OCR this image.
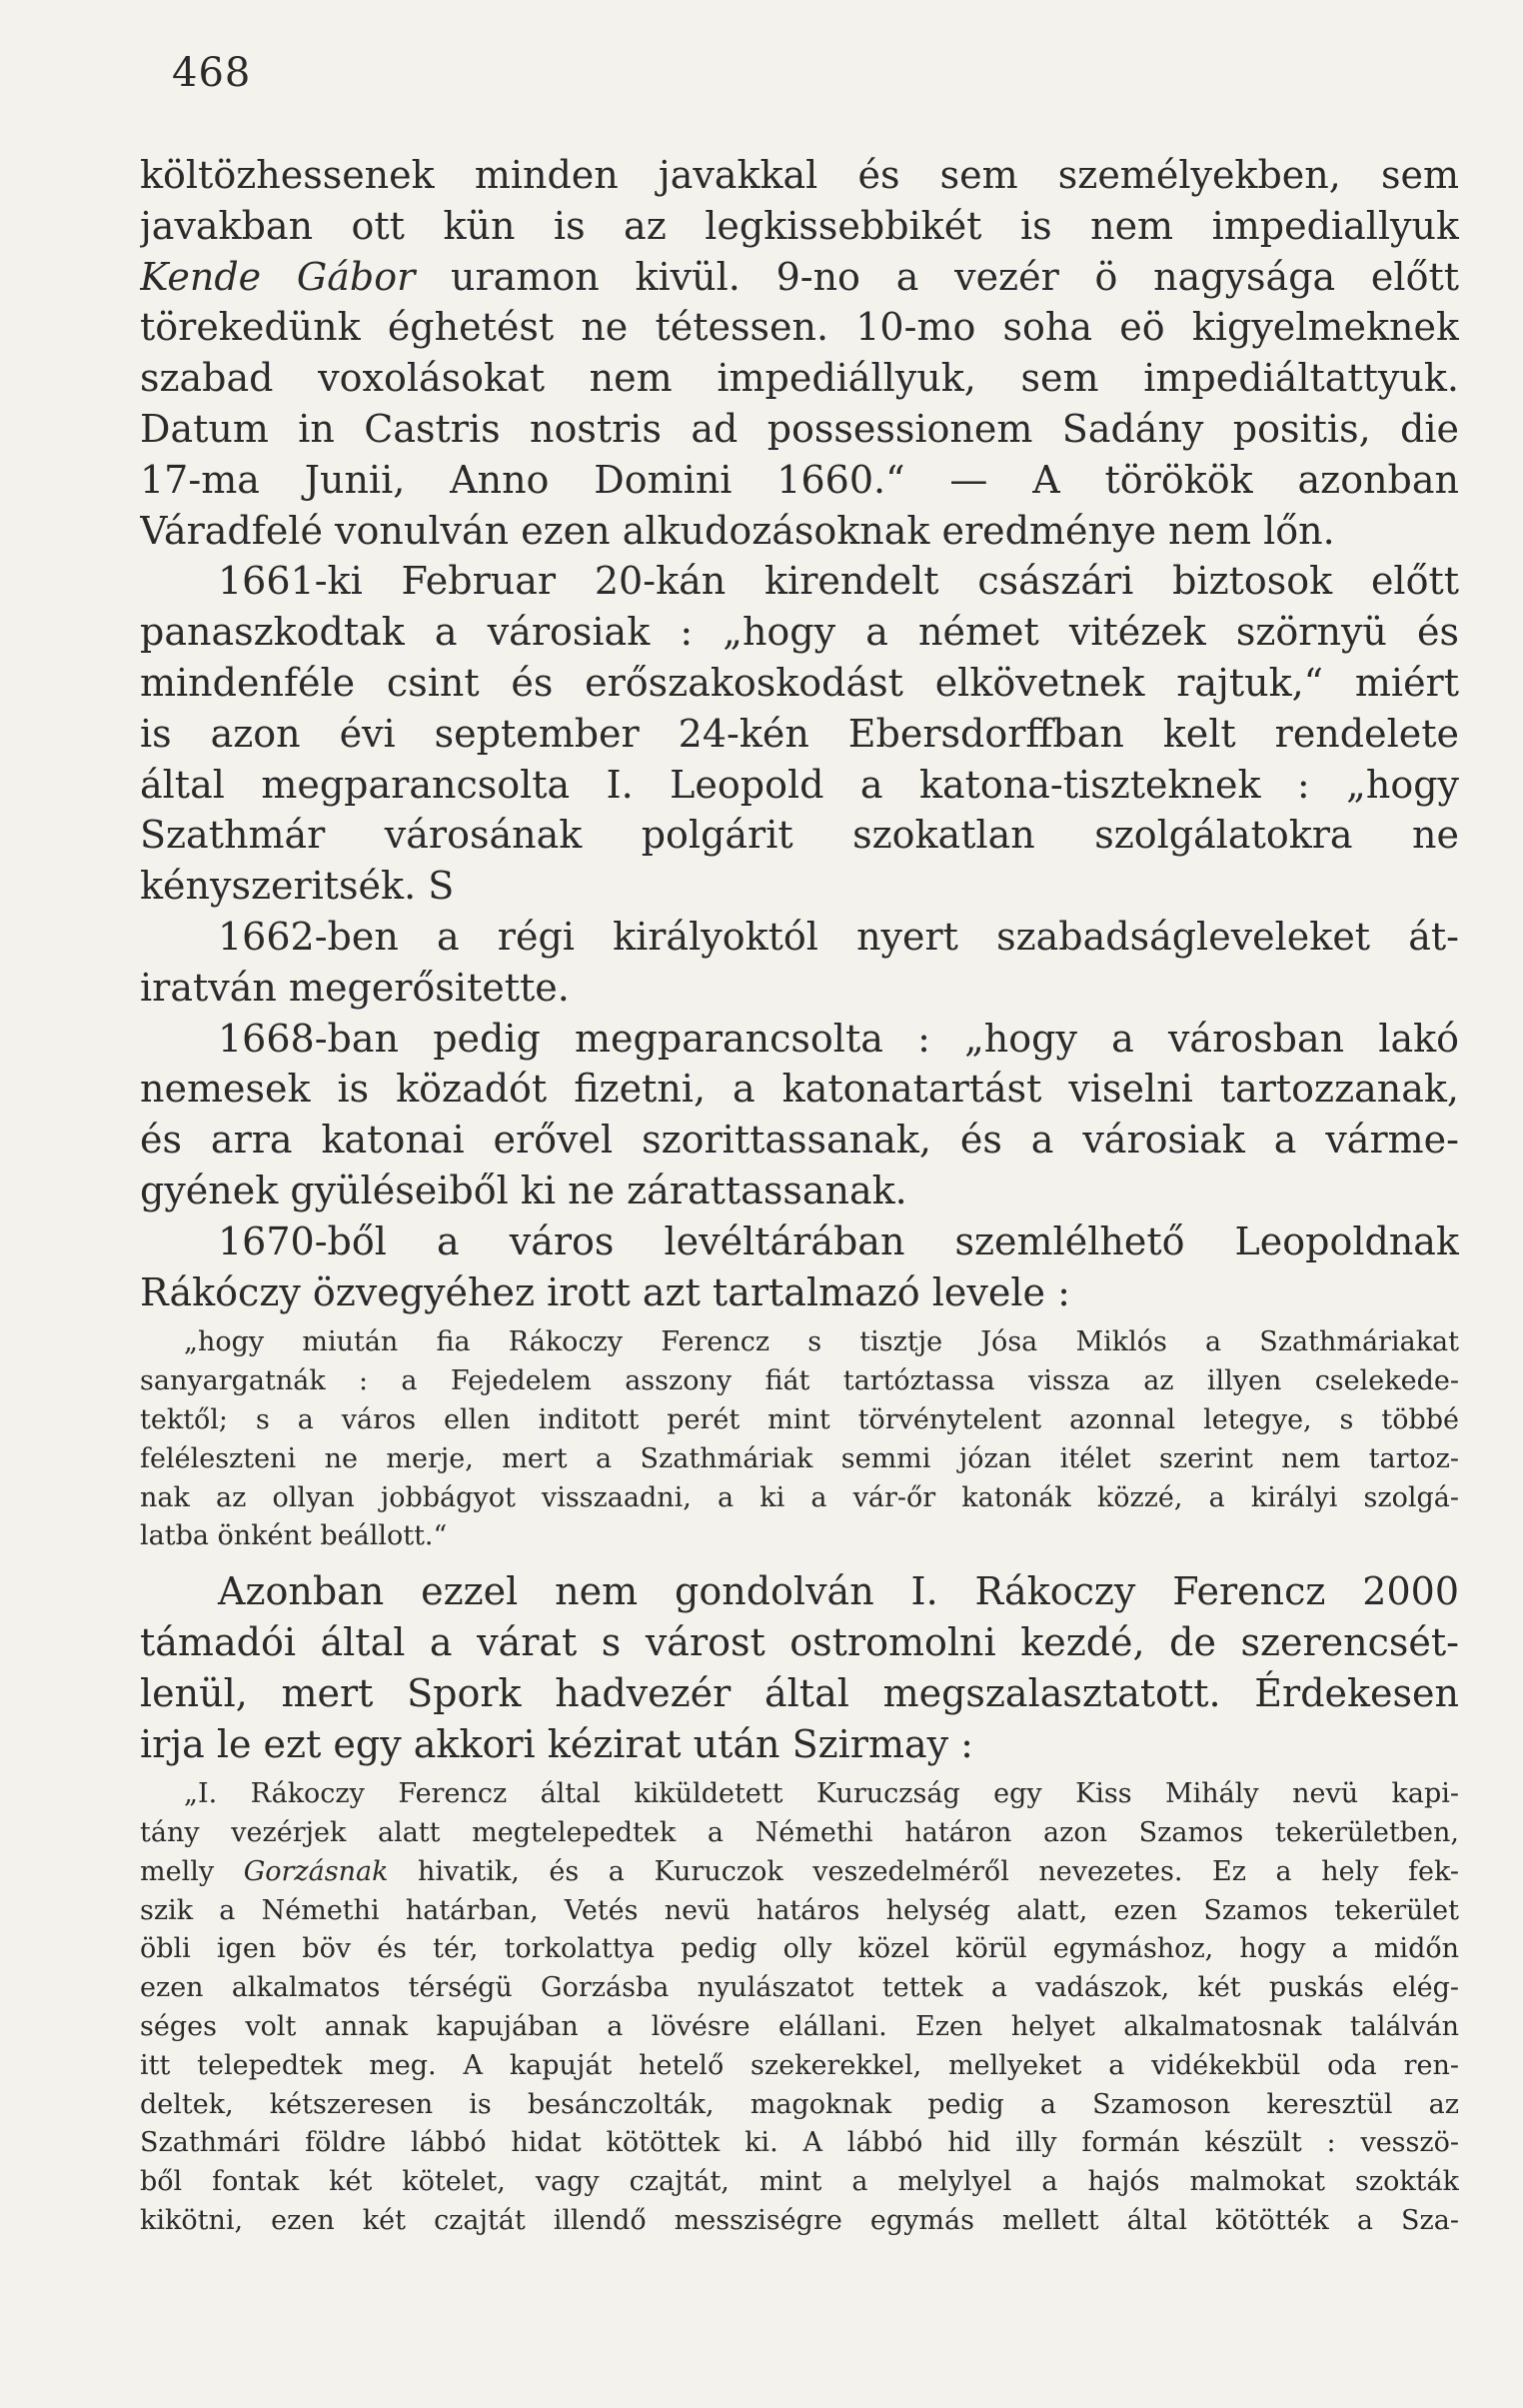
468
költözhessenek minden javakkal és sem személyekben, sem
javakban ott kün is az legkissebbikét is nem impediallyuk
Kende Gábor uramon kivül. 9-no a vezér ö nagysága előtt
törekedünk éghetést ne tétessen. 10-mo soha eö kigyelmeknek
szabad voxolásokat nem impediállyuk, sem impediáltattyuk.
Datum in Castris nostris ad possessionem Sadány positis, die
17-ma Junii, Anno Domini 1660.“ — A törökök azonban
Váradfelé vonulván ezen alkudozásoknak eredménye nem lőn.
1661-ki Februar 20-kán kirendelt császári biztosok előtt
panaszkodtak a városiak : „hogy a német vitézek szörnyü és
mindenféle csint és erőszakoskodást elkövetnek rajtuk,“ miért
is azon évi september 24-kén Ebersdorffban kelt rendelete
által megparancsolta I. Leopold a katona-tiszteknek : „hogy
Szathmár városának polgárit szokatlan szolgálatokra ne
kényszeritsék. S
1662-ben a régi királyoktól nyert szabadságleveleket át-
iratván megerősitette.
1668-ban pedig megparancsolta : „hogy a városban lakó
nemesek is közadót fizetni, a katonatartást viselni tartozzanak,
és arra katonai erővel szorittassanak, és a városiak a vármе-
gyének gyüléseiből ki ne zárattassanak.
1670-ből a város levéltárában szemlélhető Leopoldnak
Rákóczy özvegyéhez irott azt tartalmazó levele :
„hogy miután fia Rákoczy Ferencz s tisztje Jósa Miklós a Szathmáriakat
sanyargatnák : a Fejedelem asszony fiát tartóztassa vissza az illyen cselekede-
tektől; s a város ellen inditott perét mint törvénytelent azonnal letegye, s többé
feléleszteni ne merje, mert a Szathmáriak semmi józan itélet szerint nem tartoz-
nak az ollyan jobbágyot visszaadni, a ki a vár-őr katonák közzé, a királyi szolgá-
latba önként beállott.“
Azonban ezzel nem gondolván I. Rákoczy Ferencz 2000
támadói által a várat s várost ostromolni kezdé, de szerencsét-
lenül, mert Spork hadvezér által megszalasztatott. Érdekesen
irja le ezt egy akkori kézirat után Szirmay :
„I. Rákoczy Ferencz által kiküldetett Kuruczság egy Kiss Mihály nevü kapi-
tány vezérjek alatt megtelepedtek a Némethi határon azon Szamos tekerületben,
melly Gorzásnak hivatik, és a Kuruczok veszedelméről nevezetes. Ez a hely fek-
szik a Némethi határban, Vetés nevü határos helység alatt, ezen Szamos tekerület
öbli igen böv és tér, torkolattya pedig olly közel körül egymáshoz, hogy a midőn
ezen alkalmatos térségü Gorzásba nyulászatot tettek a vadászok, két puskás elég-
séges volt annak kapujában a lövésre elállani. Ezen helyet alkalmatosnak találván
itt telepedtek meg. A kapuját hetelő szekerekkel, mellyeket a vidékekbül oda ren-
deltek, kétszeresen is besánczolták, magoknak pedig a Szamoson keresztül az
Szathmári földre lábbó hidat kötöttek ki. A lábbó hid illy formán készült : vesszö-
ből fontak két kötelet, vagy czajtát, mint a melylyel a hajós malmokat szokták
kikötni, ezen két czajtát illendő messziségre egymás mellett által kötötték a Sza-
